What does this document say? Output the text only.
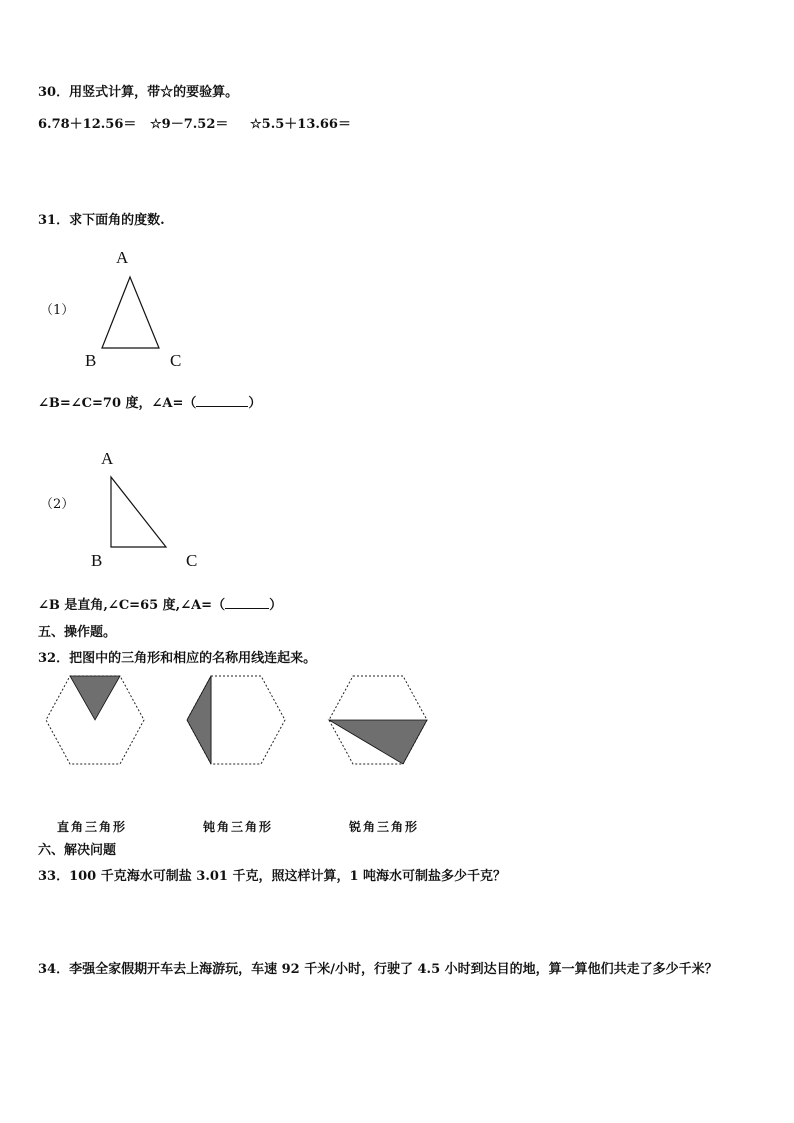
30．用竖式计算，带☆的要验算。
6.78＋12.56＝ ☆9－7.52＝ ☆5.5＋13.66＝
31．求下面角的度数.
（1）
A
B	C
∠B=∠C=70 度，∠A=（	）
（2）
A
B	C
∠B 是直角,∠C=65 度,∠A=（	）
五、操作题。
32．把图中的三角形和相应的名称用线连起来。
直角三角形	钝角三角形	锐角三角形
六、解决问题
33．100 千克海水可制盐 3.01 千克，照这样计算，1 吨海水可制盐多少千克？
34．李强全家假期开车去上海游玩，车速 92 千米/小时，行驶了 4.5 小时到达目的地，算一算他们共走了多少千米？
